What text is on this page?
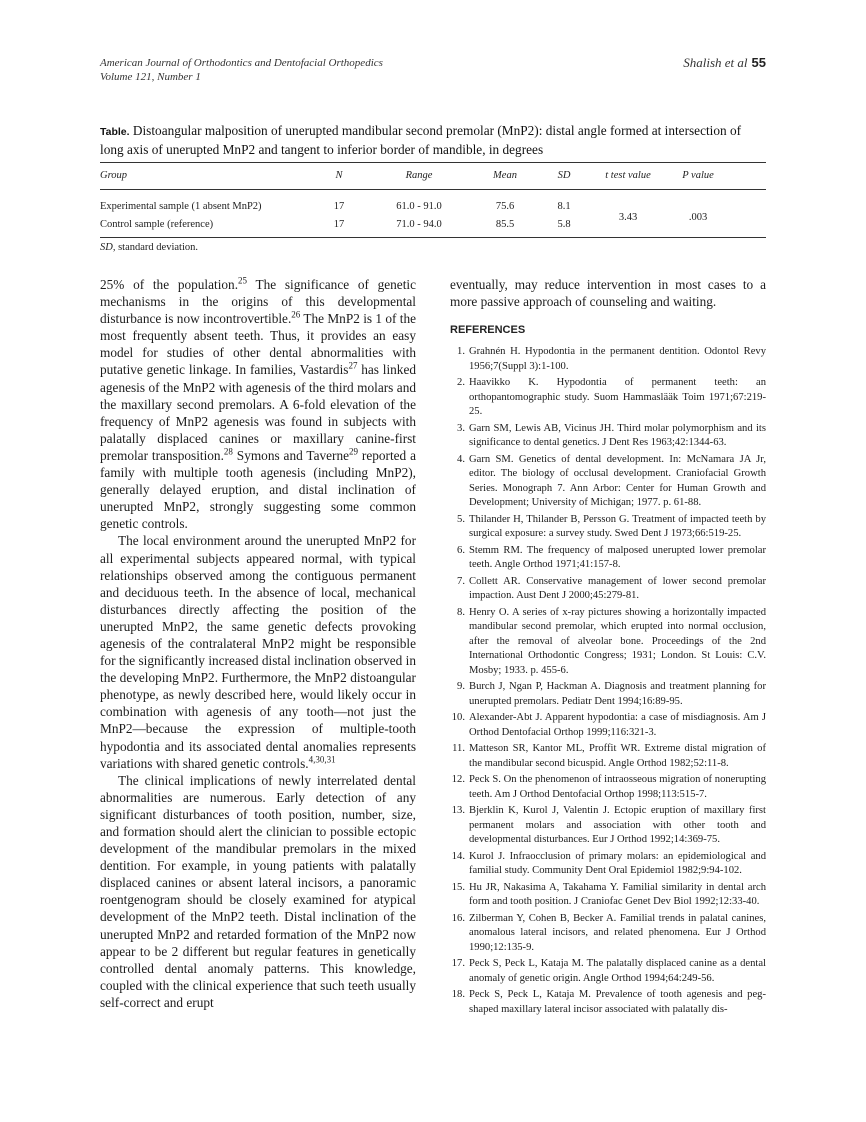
American Journal of Orthodontics and Dentofacial Orthopedics
Volume 121, Number 1
Shalish et al 55
Table. Distoangular malposition of unerupted mandibular second premolar (MnP2): distal angle formed at intersection of long axis of unerupted MnP2 and tangent to inferior border of mandible, in degrees
Group	N	Range	Mean	SD	t test value	P value	
Experimental sample (1 absent MnP2)	17	61.0 - 91.0	75.6	8.1	3.43	.003	
Control sample (reference)	17	71.0 - 94.0	85.5	5.8			
SD, standard deviation.

25% of the population.$^{25}$ The significance of genetic mechanisms in the origins of this developmental disturbance is now incontrovertible.$^{26}$ The MnP2 is 1 of the most frequently absent teeth. Thus, it provides an easy model for studies of other dental abnormalities with putative genetic linkage. In families, Vastardis$^{27}$ has linked agenesis of the MnP2 with agenesis of the third molars and the maxillary second premolars. A 6-fold elevation of the frequency of MnP2 agenesis was found in subjects with palatally displaced canines or maxillary canine-first premolar transposition.$^{28}$ Symons and Taverne$^{29}$ reported a family with multiple tooth agenesis (including MnP2), generally delayed eruption, and distal inclination of unerupted MnP2, strongly suggesting some common genetic controls.

The local environment around the unerupted MnP2 for all experimental subjects appeared normal, with typical relationships observed among the contiguous permanent and deciduous teeth. In the absence of local, mechanical disturbances directly affecting the position of the unerupted MnP2, the same genetic defects provoking agenesis of the contralateral MnP2 might be responsible for the significantly increased distal inclination observed in the developing MnP2. Furthermore, the MnP2 distoangular phenotype, as newly described here, would likely occur in combination with agenesis of any tooth—not just the MnP2—because the expression of multiple-tooth hypodontia and its associated dental anomalies represents variations with shared genetic controls.$^{4,30,31}$

The clinical implications of newly interrelated dental abnormalities are numerous. Early detection of any significant disturbances of tooth position, number, size, and formation should alert the clinician to possible ectopic development of the mandibular premolars in the mixed dentition. For example, in young patients with palatally displaced canines or absent lateral incisors, a panoramic roentgenogram should be closely examined for atypical development of the MnP2 teeth. Distal inclination of the unerupted MnP2 and retarded formation of the MnP2 now appear to be 2 different but regular features in genetically controlled dental anomaly patterns. This knowledge, coupled with the clinical experience that such teeth usually self-correct and erupt

eventually, may reduce intervention in most cases to a more passive approach of counseling and waiting.

REFERENCES
1. Grahnén H. Hypodontia in the permanent dentition. Odontol Revy 1956;7(Suppl 3):1-100.
2. Haavikko K. Hypodontia of permanent teeth: an orthopantomographic study. Suom Hammaslääk Toim 1971;67:219-25.
3. Garn SM, Lewis AB, Vicinus JH. Third molar polymorphism and its significance to dental genetics. J Dent Res 1963;42:1344-63.
4. Garn SM. Genetics of dental development. In: McNamara JA Jr, editor. The biology of occlusal development. Craniofacial Growth Series. Monograph 7. Ann Arbor: Center for Human Growth and Development; University of Michigan; 1977. p. 61-88.
5. Thilander H, Thilander B, Persson G. Treatment of impacted teeth by surgical exposure: a survey study. Swed Dent J 1973;66:519-25.
6. Stemm RM. The frequency of malposed unerupted lower premolar teeth. Angle Orthod 1971;41:157-8.
7. Collett AR. Conservative management of lower second premolar impaction. Aust Dent J 2000;45:279-81.
8. Henry O. A series of x-ray pictures showing a horizontally impacted mandibular second premolar, which erupted into normal occlusion, after the removal of alveolar bone. Proceedings of the 2nd International Orthodontic Congress; 1931; London. St Louis: C.V. Mosby; 1933. p. 455-6.
9. Burch J, Ngan P, Hackman A. Diagnosis and treatment planning for unerupted premolars. Pediatr Dent 1994;16:89-95.
10. Alexander-Abt J. Apparent hypodontia: a case of misdiagnosis. Am J Orthod Dentofacial Orthop 1999;116:321-3.
11. Matteson SR, Kantor ML, Proffit WR. Extreme distal migration of the mandibular second bicuspid. Angle Orthod 1982;52:11-8.
12. Peck S. On the phenomenon of intraosseous migration of nonerupting teeth. Am J Orthod Dentofacial Orthop 1998;113:515-7.
13. Bjerklin K, Kurol J, Valentin J. Ectopic eruption of maxillary first permanent molars and association with other tooth and developmental disturbances. Eur J Orthod 1992;14:369-75.
14. Kurol J. Infraocclusion of primary molars: an epidemiological and familial study. Community Dent Oral Epidemiol 1982;9:94-102.
15. Hu JR, Nakasima A, Takahama Y. Familial similarity in dental arch form and tooth position. J Craniofac Genet Dev Biol 1992;12:33-40.
16. Zilberman Y, Cohen B, Becker A. Familial trends in palatal canines, anomalous lateral incisors, and related phenomena. Eur J Orthod 1990;12:135-9.
17. Peck S, Peck L, Kataja M. The palatally displaced canine as a dental anomaly of genetic origin. Angle Orthod 1994;64:249-56.
18. Peck S, Peck L, Kataja M. Prevalence of tooth agenesis and peg-shaped maxillary lateral incisor associated with palatally dis-
